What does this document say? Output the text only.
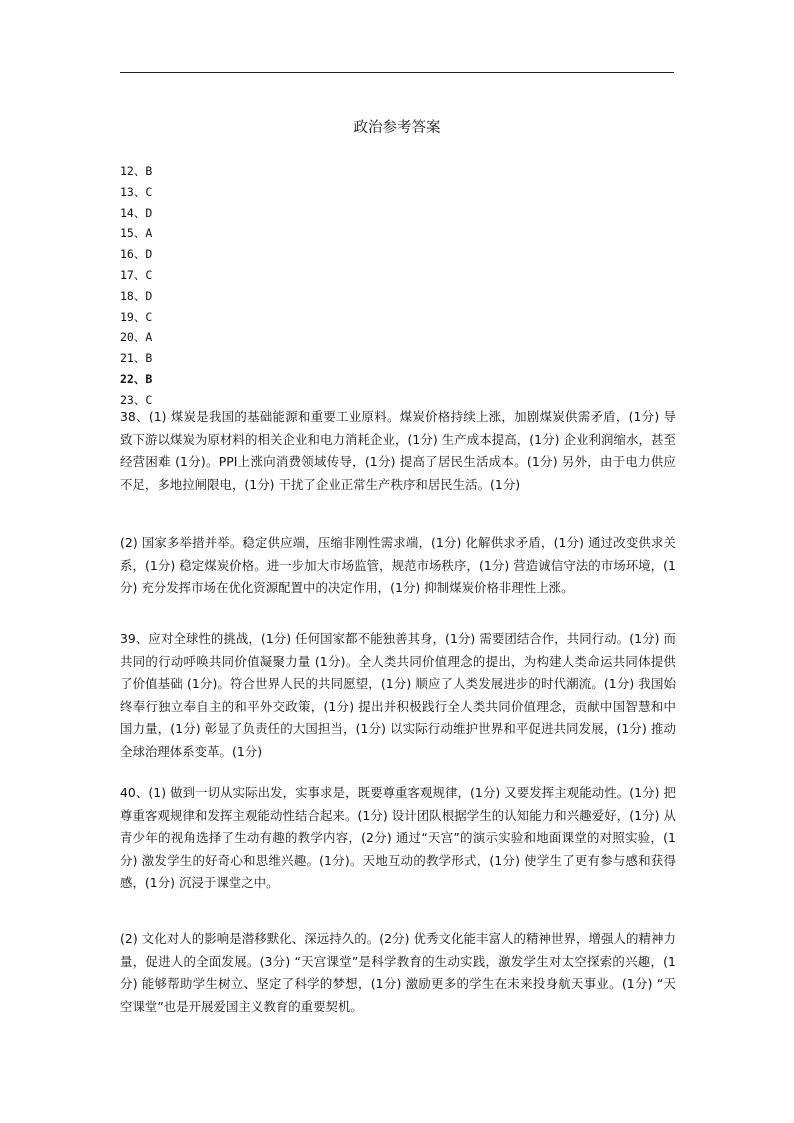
政治参考答案
12、B
13、C
14、D
15、A
16、D
17、C
18、D
19、C
20、A
21、B
22、B
23、C

38、(1) 煤炭是我国的基础能源和重要工业原料。煤炭价格持续上涨，加剧煤炭供需矛盾，(1分) 导致下游以煤炭为原材料的相关企业和电力消耗企业，(1分) 生产成本提高，(1分) 企业利润缩水，甚至经营困难 (1分)。PPI上涨向消费领域传导，(1分) 提高了居民生活成本。(1分) 另外，由于电力供应不足，多地拉闸限电，(1分) 干扰了企业正常生产秩序和居民生活。(1分)

(2) 国家多举措并举。稳定供应端，压缩非刚性需求端，(1分) 化解供求矛盾，(1分) 通过改变供求关系，(1分) 稳定煤炭价格。进一步加大市场监管，规范市场秩序，(1分) 营造诚信守法的市场环境，(1分) 充分发挥市场在优化资源配置中的决定作用，(1分) 抑制煤炭价格非理性上涨。

39、应对全球性的挑战，(1分) 任何国家都不能独善其身，(1分) 需要团结合作，共同行动。(1分) 而共同的行动呼唤共同价值凝聚力量 (1分)。全人类共同价值理念的提出，为构建人类命运共同体提供了价值基础 (1分)。符合世界人民的共同愿望，(1分) 顺应了人类发展进步的时代潮流。(1分) 我国始终奉行独立奉自主的和平外交政策，(1分) 提出并积极践行全人类共同价值理念，贡献中国智慧和中国力量，(1分) 彰显了负责任的大国担当，(1分) 以实际行动维护世界和平促进共同发展，(1分) 推动全球治理体系变革。(1分)

40、(1) 做到一切从实际出发，实事求是，既要尊重客观规律，(1分) 又要发挥主观能动性。(1分) 把尊重客观规律和发挥主观能动性结合起来。(1分) 设计团队根据学生的认知能力和兴趣爱好，(1分) 从青少年的视角选择了生动有趣的教学内容，(2分) 通过“天宫”的演示实验和地面课堂的对照实验，(1分) 激发学生的好奇心和思维兴趣。(1分)。天地互动的教学形式，(1分) 使学生了更有参与感和获得感，(1分) 沉浸于课堂之中。

(2) 文化对人的影响是潜移默化、深远持久的。(2分) 优秀文化能丰富人的精神世界，增强人的精神力量，促进人的全面发展。(3分) “天宫课堂”是科学教育的生动实践，激发学生对太空探索的兴趣，(1分) 能够帮助学生树立、坚定了科学的梦想，(1分) 激励更多的学生在未来投身航天事业。(1分) “天空课堂”也是开展爱国主义教育的重要契机。
